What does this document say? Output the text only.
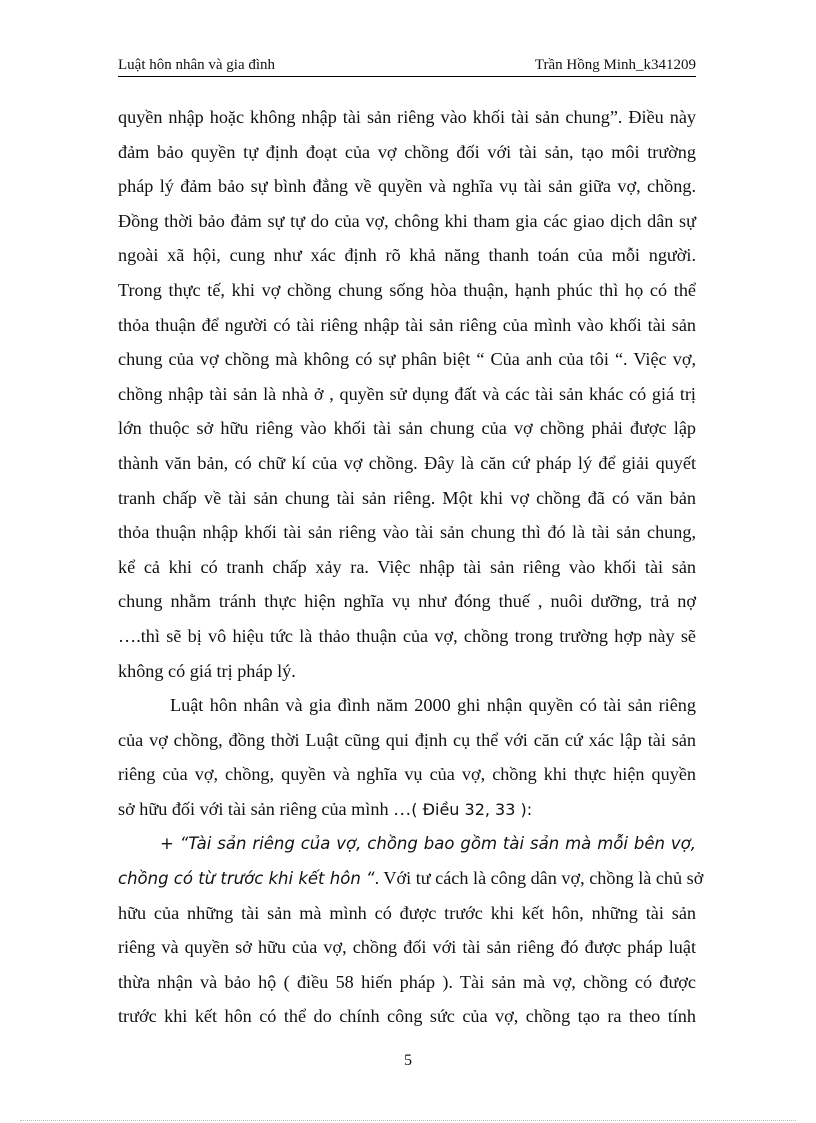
Luật hôn nhân và gia đình	Trần Hồng Minh_k341209
quyền nhập hoặc không nhập tài sản riêng vào khối tài sản chung”. Điều này
đảm bảo quyền tự định đoạt của vợ chồng đối với tài sản, tạo môi trường
pháp lý đảm bảo sự bình đẳng về quyền và nghĩa vụ tài sản giữa vợ, chồng.
Đồng thời bảo đảm sự tự do của vợ, chông khi tham gia các giao dịch dân sự
ngoài xã hội, cung như xác định rõ khả năng thanh toán của mỗi người.
Trong thực tế, khi vợ chồng chung sống hòa thuận, hạnh phúc thì họ có thể
thỏa thuận để người có tài riêng nhập tài sản riêng của mình vào khối tài sản
chung của vợ chồng mà không có sự phân biệt “ Của anh của tôi “. Việc vợ,
chồng nhập tài sản là nhà ở , quyền sử dụng đất và các tài sản khác có giá trị
lớn thuộc sở hữu riêng vào khối tài sản chung của vợ chồng phải được lập
thành văn bản, có chữ kí của vợ chồng. Đây là căn cứ pháp lý để giải quyết
tranh chấp về tài sản chung tài sản riêng. Một khi vợ chồng đã có văn bản
thỏa thuận nhập khối tài sản riêng vào tài sản chung thì đó là tài sản chung,
kể cả khi có tranh chấp xảy ra. Việc nhập tài sản riêng vào khối tài sản
chung nhằm tránh thực hiện nghĩa vụ như đóng thuế , nuôi dưỡng, trả nợ
….thì sẽ bị vô hiệu tức là thảo thuận của vợ, chồng trong trường hợp này sẽ
không có giá trị pháp lý.
Luật hôn nhân và gia đình năm 2000 ghi nhận quyền có tài sản riêng
của vợ chồng, đồng thời Luật cũng qui định cụ thể với căn cứ xác lập tài sản
riêng của vợ, chồng, quyền và nghĩa vụ của vợ, chồng khi thực hiện quyền
sở hữu đối với tài sản riêng của mình …( Điều 32, 33 ):
+ “Tài sản riêng của vợ, chồng bao gồm tài sản mà mỗi bên vợ,
chồng có từ trước khi kết hôn “. Với tư cách là công dân vợ, chồng là chủ sở
hữu của những tài sản mà mình có được trước khi kết hôn, những tài sản
riêng và quyền sở hữu của vợ, chồng đối với tài sản riêng đó được pháp luật
thừa nhận và bảo hộ ( điều 58 hiến pháp ). Tài sản mà vợ, chồng có được
trước khi kết hôn có thể do chính công sức của vợ, chồng tạo ra theo tính
5
